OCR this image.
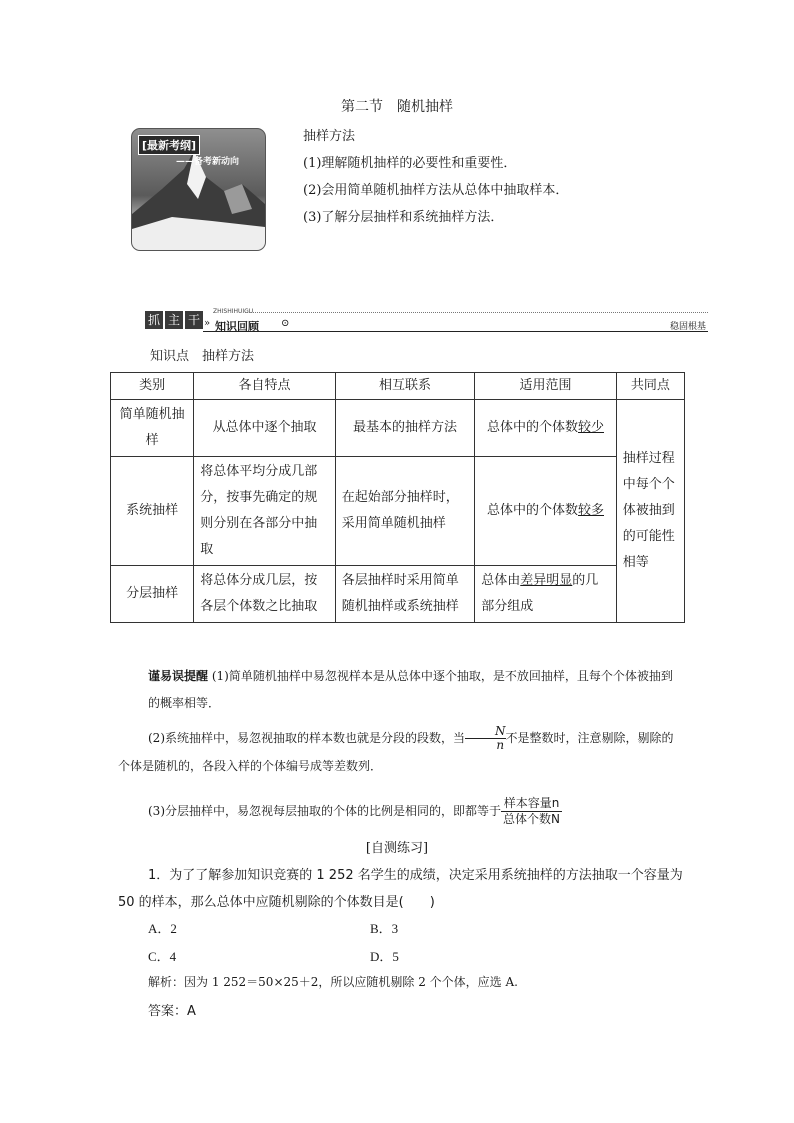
第二节　随机抽样
[最新考纲]
——备考新动向
抽样方法
(1)理解随机抽样的必要性和重要性．
(2)会用简单随机抽样方法从总体中抽取样本．
(3)了解分层抽样和系统抽样方法．
抓 主 干
ZHISHIHUIGU
» 知识回顾 ⊙	稳固根基
知识点　抽样方法
类别	各自特点	相互联系	适用范围	共同点
简单随机抽样	从总体中逐个抽取	最基本的抽样方法	总体中的个体数较少	抽样过程中每个个体被抽到的可能性相等
系统抽样	将总体平均分成几部分，按事先确定的规则分别在各部分中抽取	在起始部分抽样时，采用简单随机抽样	总体中的个体数较多	
分层抽样	将总体分成几层，按各层个体数之比抽取	各层抽样时采用简单随机抽样或系统抽样	总体由差异明显的几部分组成	
谨易误提醒 (1)简单随机抽样中易忽视样本是从总体中逐个抽取，是不放回抽样，且每个个体被抽到的概率相等．
(2)系统抽样中，易忽视抽取的样本数也就是分段的段数，当 $\frac{N}{n}$ 不是整数时，注意剔除，剔除的个体是随机的，各段入样的个体编号成等差数列．
(3)分层抽样中，易忽视每层抽取的个体的比例是相同的，即都等于 $\frac{\text{样本容量n}}{\text{总体个数N}}$
[自测练习]
1．为了了解参加知识竞赛的 1 252 名学生的成绩，决定采用系统抽样的方法抽取一个容量为 50 的样本，那么总体中应随机剔除的个体数目是(　　)
A．2	B．3
C．4	D．5
解析：因为 1 252＝50×25＋2，所以应随机剔除 2 个个体，应选 A.
答案：A
